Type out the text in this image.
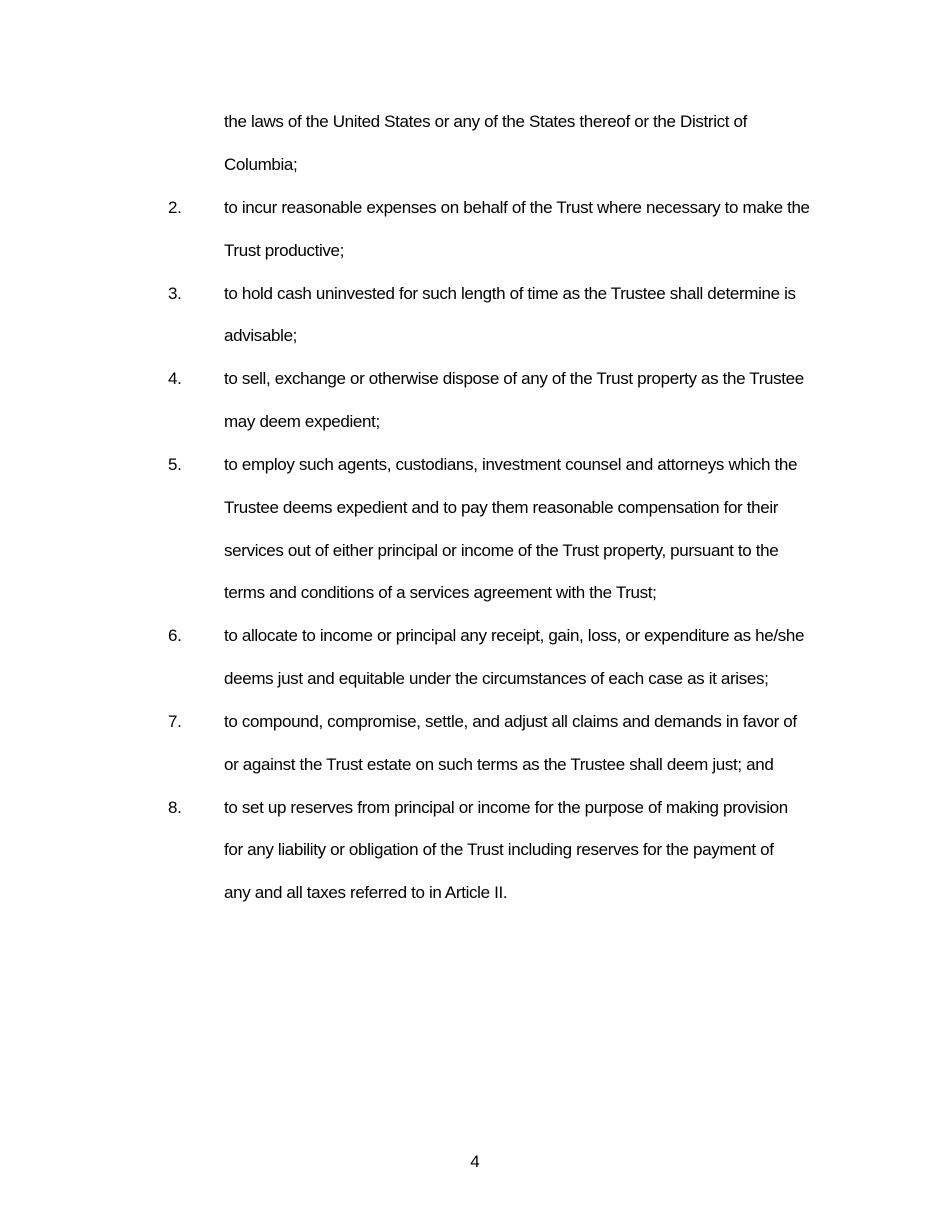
the laws of the United States or any of the States thereof or the District of
Columbia;
2.	to incur reasonable expenses on behalf of the Trust where necessary to make the
Trust productive;
3.	to hold cash uninvested for such length of time as the Trustee shall determine is
advisable;
4.	to sell, exchange or otherwise dispose of any of the Trust property as the Trustee
may deem expedient;
5.	to employ such agents, custodians, investment counsel and attorneys which the
Trustee deems expedient and to pay them reasonable compensation for their
services out of either principal or income of the Trust property, pursuant to the
terms and conditions of a services agreement with the Trust;
6.	to allocate to income or principal any receipt, gain, loss, or expenditure as he/she
deems just and equitable under the circumstances of each case as it arises;
7.	to compound, compromise, settle, and adjust all claims and demands in favor of
or against the Trust estate on such terms as the Trustee shall deem just; and
8.	to set up reserves from principal or income for the purpose of making provision
for any liability or obligation of the Trust including reserves for the payment of
any and all taxes referred to in Article II.
4
